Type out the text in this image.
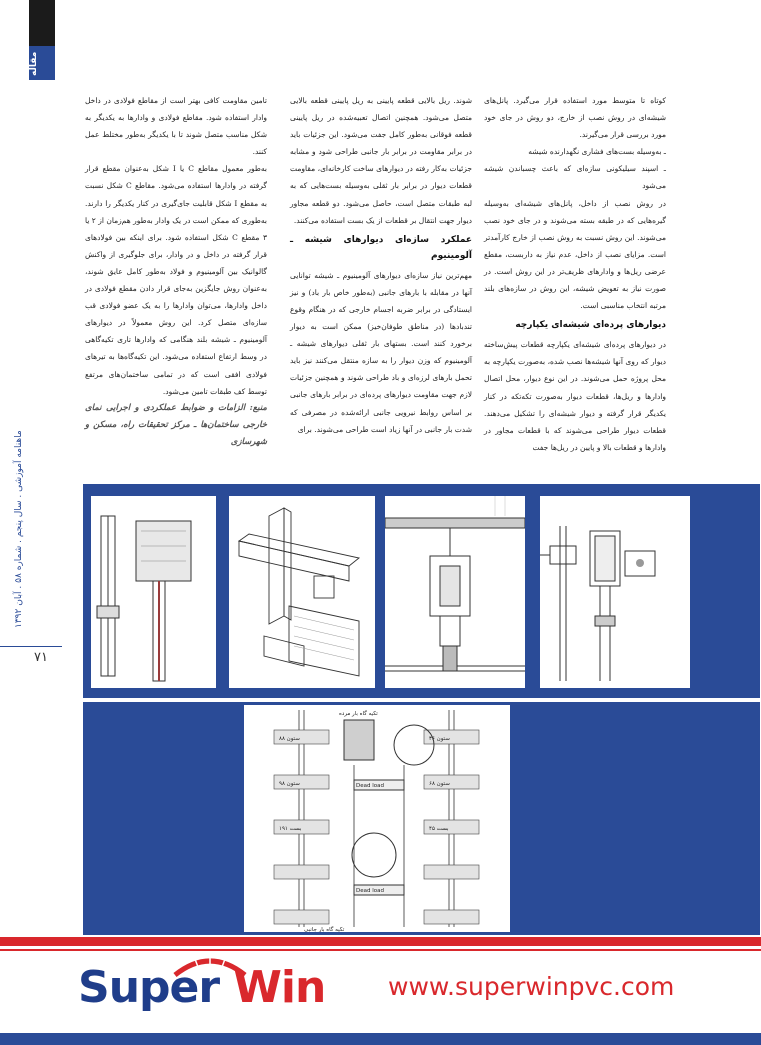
مقاله
ماهنامه آموزشی . سال پنجم . شماره ۵۸ . آبان ۱۳۹۲
۷۱

کوتاه تا متوسط مورد استفاده قرار می‌گیرد. پانل‌های شیشه‌ای در روش نصب از خارج، دو روش در جای خود مورد بررسی قرار می‌گیرند.

ـ به‌وسیله بست‌های فشاری نگهدارنده شیشه

ـ اسپند سیلیکونی سازه‌ای که باعث چسباندن شیشه می‌شود

در روش نصب از داخل، پانل‌های شیشه‌ای به‌وسیله گیره‌هایی که در طبقه بسته می‌شوند و در جای خود نصب می‌شوند. این روش نسبت به روش نصب از خارج کارآمدتر است. مزایای نصب از داخل، عدم نیاز به داربست، مقطع عرضی ریل‌ها و وادارهای ظریف‌تر در این روش است. در صورت نیاز به تعویض شیشه، این روش در سازه‌های بلند مرتبه انتخاب مناسبی است.

دیوارهای پرده‌ای شیشه‌ای یکپارچه

در دیوارهای پرده‌ای شیشه‌ای یکپارچه قطعات پیش‌ساخته دیوار که روی آنها شیشه‌ها نصب شده، به‌صورت یکپارچه به محل پروژه حمل می‌شوند. در این نوع دیوار، محل اتصال وادارها و ریل‌ها، قطعات دیوار به‌صورت تکه‌تکه در کنار یکدیگر قرار گرفته و دیوار شیشه‌ای را تشکیل می‌دهند. قطعات دیوار طراحی می‌شوند که با قطعات مجاور در وادارها و قطعات بالا و پایین در ریل‌ها جفت

شوند. ریل بالایی قطعه پایینی به ریل پایینی قطعه بالایی متصل می‌شود. همچنین اتصال تعبیه‌شده در ریل پایینی قطعه فوقانی به‌طور کامل جفت می‌شود. این جزئیات باید در برابر مقاومت در برابر بار جانبی طراحی شود و مشابه جزئیات به‌کار رفته در دیوارهای ساخت کارخانه‌ای، مقاومت قطعات دیوار در برابر بار ثقلی به‌وسیله بست‌هایی که به لبه طبقات متصل است، حاصل می‌شود. دو قطعه مجاور دیوار جهت انتقال بر قطعات از یک بست استفاده می‌کنند.

عملکرد سازه‌ای دیوارهای شیشه ـ آلومینیوم

مهم‌ترین نیاز سازه‌ای دیوارهای آلومینیوم ـ شیشه توانایی آنها در مقابله با بارهای جانبی (به‌طور خاص بار باد) و نیز ایستادگی در برابر ضربه اجسام خارجی که در هنگام وقوع تندباد‌ها (در مناطق طوفان‌خیز) ممکن است به دیوار برخورد کنند است. بستهای بار ثقلی دیوارهای شیشه ـ آلومینیوم که وزن دیوار را به سازه منتقل می‌کنند نیز باید تحمل بارهای لرزه‌ای و باد طراحی شوند و همچنین جزئیات لازم جهت مقاومت دیوارهای پرده‌ای در برابر بارهای جانبی بر اساس روابط نیرویی جانبی ارائه‌شده در مصرفی که شدت بار جانبی در آنها زیاد است طراحی می‌شوند. برای

تامین مقاومت کافی بهتر است از مقاطع فولادی در داخل وادار استفاده شود. مقاطع فولادی و وادارها به یکدیگر به شکل مناسب متصل شوند تا با یکدیگر به‌طور مختلط عمل کنند.

به‌طور معمول مقاطع C یا I شکل به‌عنوان مقطع قرار گرفته در وادارها استفاده می‌شود. مقاطع C شکل نسبت به مقطع I شکل قابلیت جای‌گیری در کنار یکدیگر را دارند. به‌طوری که ممکن است در یک وادار به‌طور هم‌زمان از ۲ یا ۳ مقطع C شکل استفاده شود. برای اینکه بین فولادهای قرار گرفته در داخل و در وادار، برای جلوگیری از واکنش گالوانیک بین آلومینیوم و فولاد به‌طور کامل عایق شوند، به‌عنوان روش جایگزین به‌جای قرار دادن مقطع فولادی در داخل وادارها، می‌توان وادارها را به یک عضو فولادی قب سازه‌ای متصل کرد. این روش معمولاً در دیوارهای آلومینیوم ـ شیشه بلند هنگامی که وادارها تاری تکیه‌گاهی در وسط ارتفاع استفاده می‌شود. این تکیه‌گاه‌ها به تیرهای فولادی افقی است که در تمامی ساختمان‌های مرتفع توسط کف طبقات تامین می‌شود.

منبع: الزامات و ضوابط عملکردی و اجرایی نمای خارجی ساختمان‌ها ـ مرکز تحقیقات راه، مسکن و شهرسازی

ستون ۸۸	ستون ۳۶
ستون ۹۸	ستون ۶۸
بست ۱۹۱	بست ۴۵
Dead load
Dead load
تکیه گاه بار مرده
تکیه گاه بار جانبی
Super Win	www.superwinpvc.com
